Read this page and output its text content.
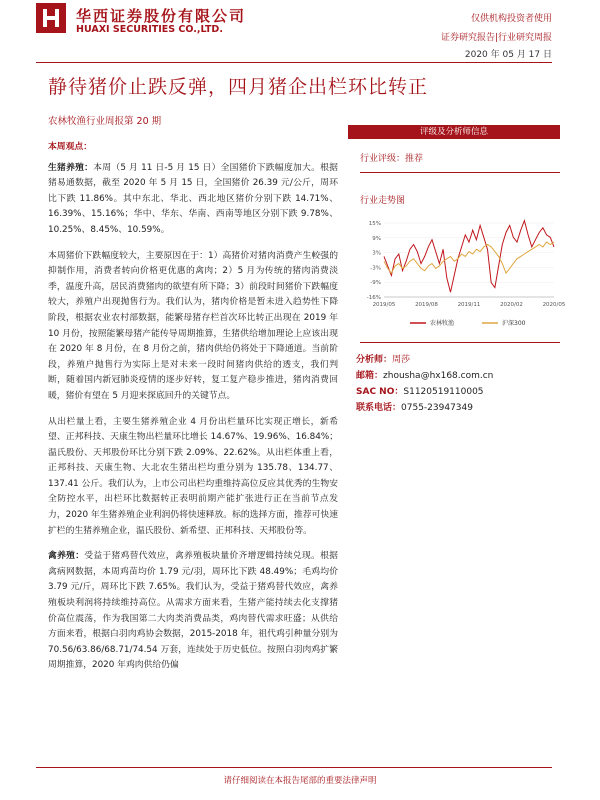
华西证券股份有限公司
HUAXI SECURITIES CO.,LTD.
仅供机构投资者使用
证券研究报告|行业研究周报
2020 年 05 月 17 日
静待猪价止跌反弹，四月猪企出栏环比转正
农林牧渔行业周报第 20 期

本周观点：

生猪养殖：本周（5 月 11 日-5 月 15 日）全国猪价下跌幅度加大。根据猪易通数据，截至 2020 年 5 月 15 日，全国猪价 26.39 元/公斤，周环比下跌 11.86%。其中东北、华北、西北地区猪价分别下跌 14.71%、16.39%、15.16%；华中、华东、华南、西南等地区分别下跌 9.78%、10.25%、8.45%、10.59%。

本周猪价下跌幅度较大，主要原因在于：1）高猪价对猪肉消费产生較强的抑制作用，消费者转向价格更优惠的禽肉；2）5 月为传统的猪肉消费淡季，温度升高，居民消费猪肉的欲望有所下降；3）前段时间猪价下跌幅度较大，养殖户出现抛售行为。我们认为，猪肉价格是暂未进入趋势性下降阶段，根据农业农村部数据，能繁母猪存栏首次环比转正出现在 2019 年 10 月份，按照能繁母猪产能传导周期推算，生猪供给增加理论上应该出现在 2020 年 8 月份，在 8 月份之前，猪肉供给仍将处于下降通道。当前阶段，养殖户抛售行为实际上是对未来一段时间猪肉供给的透支，我们判断，随着国内新冠肺炎疫情的逐步好转，复工复产稳步推进，猪肉消费回暖，猪价有望在 5 月迎来探底回升的关键节点。

从出栏量上看，主要生猪养殖企业 4 月份出栏量环比实现正增长，新希望、正邦科技、天康生物出栏量环比增长 14.67%、19.96%、16.84%；温氏股份、天邦股份环比分别下跌 2.09%、22.62%。从出栏体重上看，正邦科技、天康生物、大北农生猪出栏均重分别为 135.78、134.77、137.41 公斤。我们认为，上市公司出栏均重维持高位反应其优秀的生物安全防控水平，出栏环比数据转正表明前期产能扩张进行正在当前节点发力，2020 年生猪养殖企业利润仍将快速释放。标的选择方面，推荐可快速扩栏的生猪养殖企业，温氏股份、新希望、正邦科技、天邦股份等。

禽养殖：受益于猪鸡替代效应，禽养殖板块量价齐增逻辑持续兑现。根据禽病网数据，本周鸡苗均价 1.79 元/羽，周环比下跌 48.49%；毛鸡均价 3.79 元/斤，周环比下跌 7.65%。我们认为，受益于猪鸡替代效应，禽养殖板块利润将持续维持高位。从需求方面来看，生猪产能持续去化支撑猪价高位震荡，作为我国第二大肉类消费品类，鸡肉替代需求旺盛；从供给方面来看，根据白羽肉鸡协会数据，2015-2018 年，祖代鸡引种量分别为 70.56/63.86/68.71/74.54 万套，连续处于历史低位。按照白羽肉鸡扩繁周期推算，2020 年鸡肉供给仍偏

评级及分析师信息
行业评级：推荐
行业走势图
15%
9%
3%
-3%
-9%
-16%
2019/05	2019/08	2019/11	2020/02	2020/05
农林牧渔	沪深300
分析师：周莎
邮箱：zhousha@hx168.com.cn
SAC NO：S1120519110005
联系电话：0755-23947349
请仔细阅读在本报告尾部的重要法律声明
